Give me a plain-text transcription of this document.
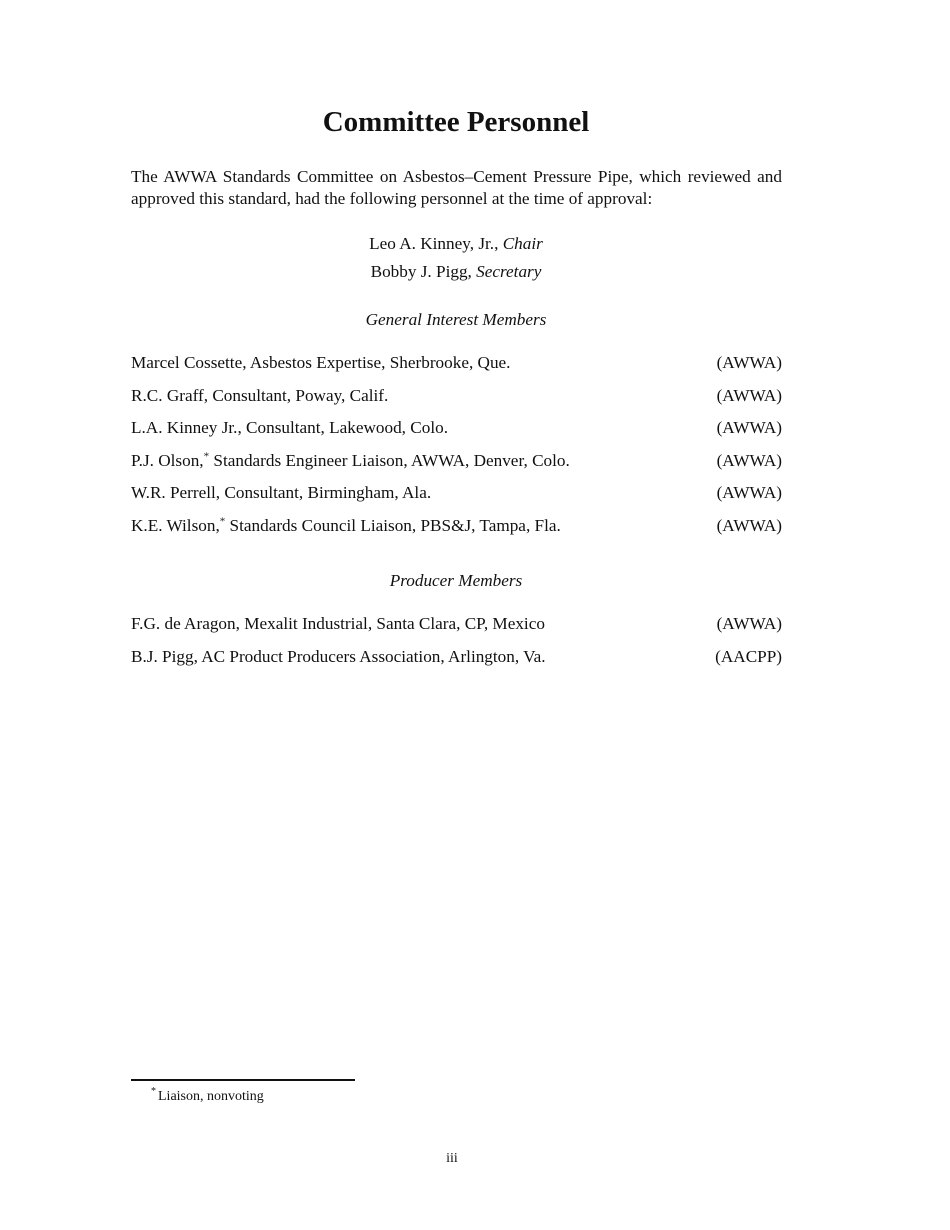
Committee Personnel

The AWWA Standards Committee on Asbestos–Cement Pressure Pipe, which reviewed and approved this standard, had the following personnel at the time of approval:

Leo A. Kinney, Jr., Chair
Bobby J. Pigg, Secretary
General Interest Members
Marcel Cossette, Asbestos Expertise, Sherbrooke, Que.	(AWWA)
R.C. Graff, Consultant, Poway, Calif.	(AWWA)
L.A. Kinney Jr., Consultant, Lakewood, Colo.	(AWWA)
P.J. Olson,* Standards Engineer Liaison, AWWA, Denver, Colo.	(AWWA)
W.R. Perrell, Consultant, Birmingham, Ala.	(AWWA)
K.E. Wilson,* Standards Council Liaison, PBS&J, Tampa, Fla.	(AWWA)
Producer Members
F.G. de Aragon, Mexalit Industrial, Santa Clara, CP, Mexico	(AWWA)
B.J. Pigg, AC Product Producers Association, Arlington, Va.	(AACPP)
* Liaison, nonvoting
iii
